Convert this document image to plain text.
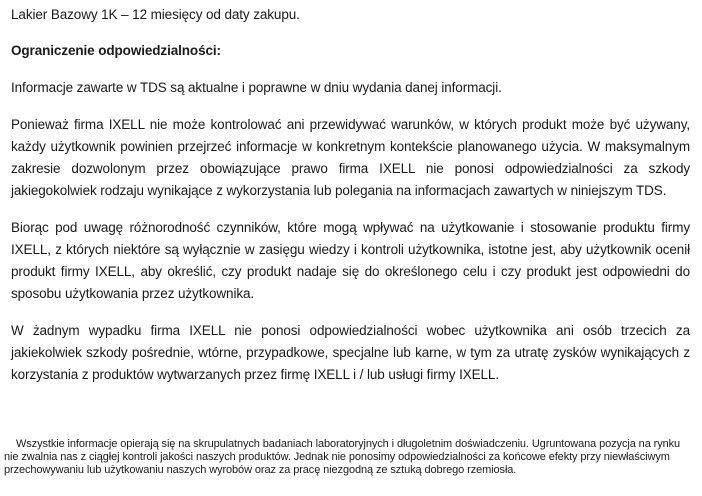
Lakier Bazowy 1K – 12 miesięcy od daty zakupu.

Ograniczenie odpowiedzialności:

Informacje zawarte w TDS są aktualne i poprawne w dniu wydania danej informacji.

Ponieważ firma IXELL nie może kontrolować ani przewidywać warunków, w których produkt może być używany, każdy użytkownik powinien przejrzeć informacje w konkretnym kontekście planowanego użycia. W maksymalnym zakresie dozwolonym przez obowiązujące prawo firma IXELL nie ponosi odpowiedzialności za szkody jakiegokolwiek rodzaju wynikające z wykorzystania lub polegania na informacjach zawartych w niniejszym TDS.

Biorąc pod uwagę różnorodność czynników, które mogą wpływać na użytkowanie i stosowanie produktu firmy IXELL, z których niektóre są wyłącznie w zasięgu wiedzy i kontroli użytkownika, istotne jest, aby użytkownik ocenił produkt firmy IXELL, aby określić, czy produkt nadaje się do określonego celu i czy produkt jest odpowiedni do sposobu użytkowania przez użytkownika.

W żadnym wypadku firma IXELL nie ponosi odpowiedzialności wobec użytkownika ani osób trzecich za jakiekolwiek szkody pośrednie, wtórne, przypadkowe, specjalne lub karne, w tym za utratę zysków wynikających z korzystania z produktów wytwarzanych przez firmę IXELL i / lub usługi firmy IXELL.

Wszystkie informacje opierają się na skrupulatnych badaniach laboratoryjnych i długoletnim doświadczeniu. Ugruntowana pozycja na rynku nie zwalnia nas z ciągłej kontroli jakości naszych produktów. Jednak nie ponosimy odpowiedzialności za końcowe efekty przy niewłaściwym przechowywaniu lub użytkowaniu naszych wyrobów oraz za pracę niezgodną ze sztuką dobrego rzemiosła.
